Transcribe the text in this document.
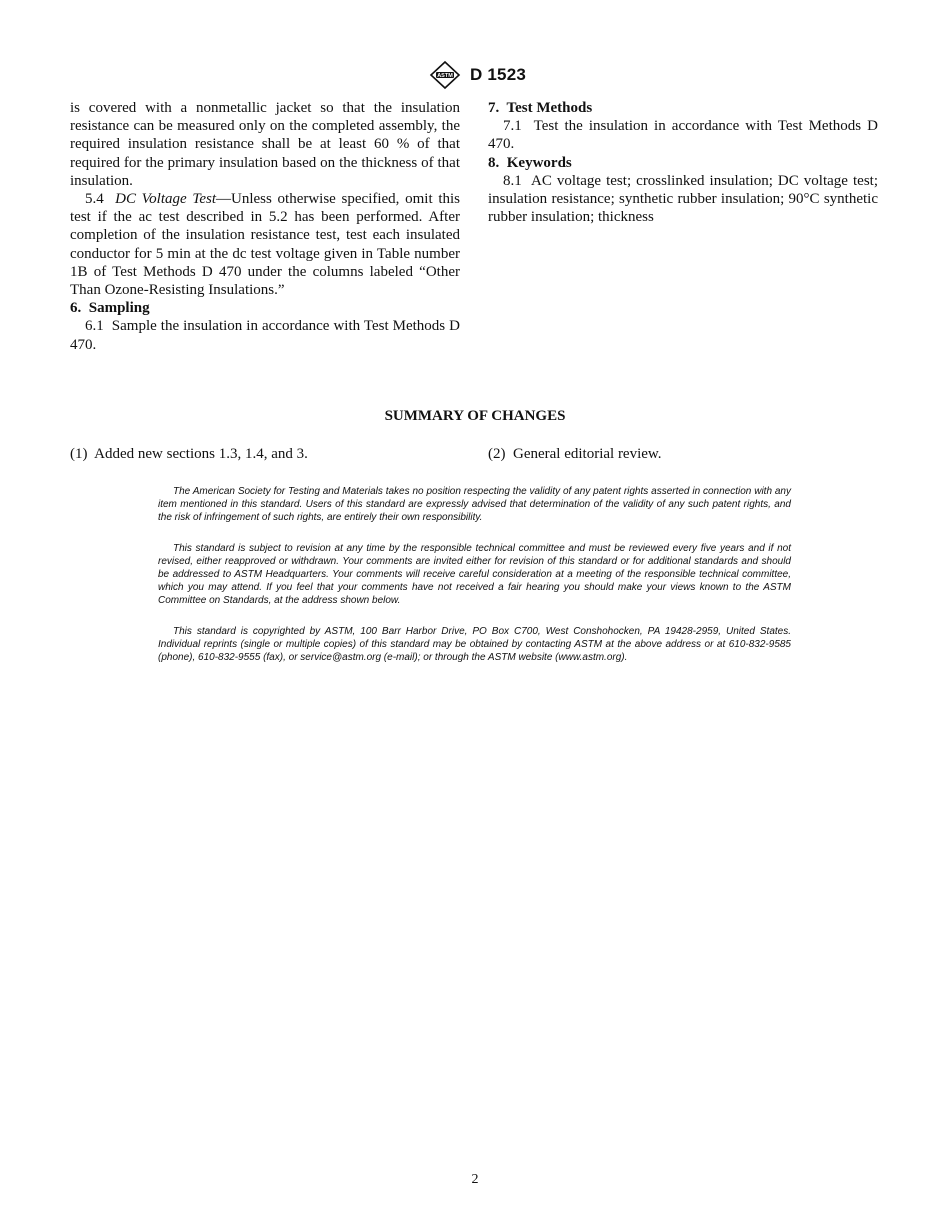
ASTM D 1523

is covered with a nonmetallic jacket so that the insulation resistance can be measured only on the completed assembly, the required insulation resistance shall be at least 60 % of that required for the primary insulation based on the thickness of that insulation.

5.4 DC Voltage Test—Unless otherwise specified, omit this test if the ac test described in 5.2 has been performed. After completion of the insulation resistance test, test each insulated conductor for 5 min at the dc test voltage given in Table number 1B of Test Methods D 470 under the columns labeled “Other Than Ozone-Resisting Insulations.”

6.  Sampling

6.1  Sample the insulation in accordance with Test Methods D 470.

7.  Test Methods

7.1  Test the insulation in accordance with Test Methods D 470.

8.  Keywords

8.1  AC voltage test; crosslinked insulation; DC voltage test; insulation resistance; synthetic rubber insulation; 90°C synthetic rubber insulation; thickness

SUMMARY OF CHANGES
(1)  Added new sections 1.3, 1.4, and 3.	(2)  General editorial review.

The American Society for Testing and Materials takes no position respecting the validity of any patent rights asserted in connection with any item mentioned in this standard. Users of this standard are expressly advised that determination of the validity of any such patent rights, and the risk of infringement of such rights, are entirely their own responsibility.

This standard is subject to revision at any time by the responsible technical committee and must be reviewed every five years and if not revised, either reapproved or withdrawn. Your comments are invited either for revision of this standard or for additional standards and should be addressed to ASTM Headquarters. Your comments will receive careful consideration at a meeting of the responsible technical committee, which you may attend. If you feel that your comments have not received a fair hearing you should make your views known to the ASTM Committee on Standards, at the address shown below.

This standard is copyrighted by ASTM, 100 Barr Harbor Drive, PO Box C700, West Conshohocken, PA 19428-2959, United States. Individual reprints (single or multiple copies) of this standard may be obtained by contacting ASTM at the above address or at 610-832-9585 (phone), 610-832-9555 (fax), or service@astm.org (e-mail); or through the ASTM website (www.astm.org).

2
